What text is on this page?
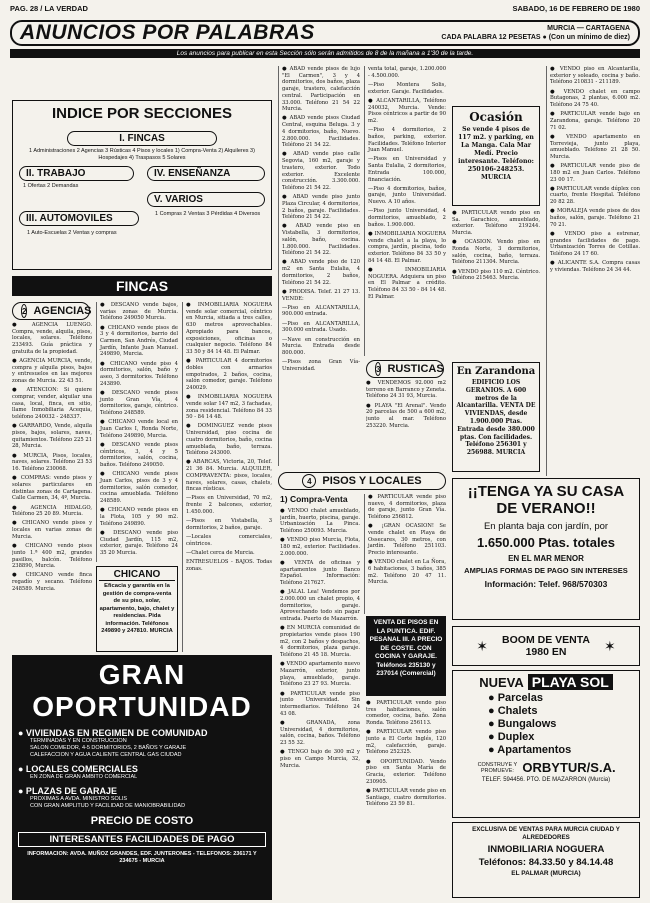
PAG. 28 / LA VERDAD	SABADO, 16 DE FEBRERO DE 1980
ANUNCIOS POR PALABRAS	MURCIA — CARTAGENA
CADA PALABRA 12 PESETAS ● (Con un mínimo de diez)
Los anuncios para publicar en esta Sección sólo serán admitidos de 8 de la mañana a 1'30 de la tarde.
INDICE POR SECCIONES
I. FINCAS
1 Administraciones 2 Agencias 3 Rústicas 4 Pisos y locales 1) Compra-Venta 2) Alquileres 3) Hospedajes 4) Traspasos 5 Solares
II. TRABAJO	IV. ENSEÑANZA
1 Ofertas 2 Demandas
V. VARIOS
III. AUTOMOVILES	1 Compras 2 Ventas 3 Pérdidas 4 Diversos
1 Auto-Escuelas 2 Ventas y compras
FINCAS
2 AGENCIAS

● AGENCIA LUENGO. Compra, vende, alquila, pisos, locales, solares. Teléfono 233493. Guía práctica y gratuita de la propiedad.

● AGENCIA MURCIA, vende, compra y alquila pisos, bajos y entresuelos en las mejores zonas de Murcia. 22 43 51.

● ATENCION: Si quiere comprar, vender, alquilar una casa, local, finca, en sitio, llame Inmobiliaria Acequia, teléfono 240032 - 248337.

● GARRARDO, Vende, alquila pisos, bajos, solares, naves, quitamientos. Teléfono 225 21 28, Murcia.

● MURCIA, Pisos, locales, naves, solares. Teléfono 23 53 16. Teléfono 230068.

● COMPRAS: vendo pisos y solares particulares en distintas zonas de Cartagena. Calle Carmen, 34, 4º, Murcia.

● AGENCIA HIDALGO, Teléfono 25 20 89. Murcia.

● CHICANO vende pisos y locales en varias zonas de Murcia.

● CHICANO vendo pisos junto 1.ª 400 m2, grandes pasillos, balcón. Teléfono 238890, Murcia.

● CHICANO vende finca regadío y secano. Teléfono 248589. Murcia.

● DESCANO vende bajos, varias zonas de Murcia. Teléfono 249050 Murcia.

● CHICANO vende pisos de 3 y 4 dormitorios, barrio del Carmen, San Andrés, Ciudad Jardín, Infante Juan Manuel. 249890, Murcia.

● CHICANO vende piso 4 dormitorios, salón, baño y aseo, 3 dormitorios. Teléfono 243890.

● DESCANO vende pisos junto Gran Vía, 4 dormitorios, garaje, céntrico. Teléfono 248589.

● CHICANO vende local en Juan Carlos I, Ronda Norte, Teléfono 249890, Murcia.

● DESCANO vende pisos céntricos, 3, 4 y 5 dormitorios, salón, cocina, baños. Teléfono 249050.

● CHICANO vende pisos Juan Carlos, pisos de 3 y 4 dormitorios, salón comedor, cocina amueblada. Teléfono 248589.

● CHICANO vende pisos en la Flota, 105 y 90 m2. Teléfono 249890.

● DESCANO vende piso Ciudad Jardín, 115 m2, exterior, garaje. Teléfono 24 35 20 Murcia.

CHICANO
Eficacia y garantía en la gestión de compra-venta de su piso, solar, apartamento, bajo, chalet y residencias. Pida información. Teléfonos 249890 y 247810. MURCIA

● INMOBILIARIA NOGUERA vende solar comercial, céntrico en Murcia, sitiada a tres calles, 630 metros aprovechables. Apropiado para bancos, exposiciones, oficinas o cualquier negocio. Teléfono 84 33 50 y 84 14 48. El Palmar.

● PARTICULAR 4 dormitorios dobles con armarios empotrados, 2 baños, cocina, salón comedor, garaje. Teléfono 240029.

● INMOBILIARIA NOGUERA vende solar 147 m2, 3 fachadas, zona residencial. Teléfono 84 33 50 - 84 14 48.

● DOMINGUEZ vende pisos Universidad, piso cocina de cuatro dormitorios, baño, cocina amueblada, baño, terraza. Teléfono 243000.

● ABARCAS, Victoria, 20, Telef. 21 36 84. Murcia. ALQUILER, COMPRAVENTA: pisos, locales, naves, solares, casas, chalets, fincas rústicas.

—Pisos en Universidad, 70 m2, frente 2 balcones, exterior, 1.450.000.

—Pisos en Vistabella, 3 dormitorios, 2 baños, garaje.

—Locales comerciales, céntricos.

—Chalet cerca de Murcia.

ENTRESUELOS - BAJOS. Todas zonas.

GRAN OPORTUNIDAD
● VIVIENDAS EN REGIMEN DE COMUNIDAD
TERMINADAS Y EN CONSTRUCCION
SALON COMEDOR, 4-5 DORMITORIOS, 2 BAÑOS Y GARAJE
CALEFACCION Y AGUA CALIENTE CENTRAL GAS CIUDAD
● LOCALES COMERCIALES
EN ZONA DE GRAN AMBITO COMERCIAL
● PLAZAS DE GARAJE
PROXIMAS A AVDA. MINISTRO SOLIS
CON GRAN AMPLITUD Y FACILIDAD DE MANIOBRABILIDAD
PRECIO DE COSTO
INTERESANTES FACILIDADES DE PAGO
INFORMACION: AVDA. MUÑOZ GRANDES, EDF. JUNTERONES - TELEFONOS: 236171 Y 234675 - MURCIA

● ABAD vende pisos de lujo "El Carmen", 3 y 4 dormitorios, dos baños, plaza garaje, trastero, calefacción central. Participación en 33.000. Teléfono 21 54 22 Murcia.

● ABAD vende pisos Ciudad Central, esquina Beluga. 3 y 4 dormitorios, baño, Nuevo. 2.800.000. Facilidades. Teléfono 21 54 22.

● ABAD vende piso calle Segovia, 160 m2, garaje y trastero, exterior. Todo exterior. Excelente construcción. 3.300.000. Teléfono 21 54 22.

● ABAD vende piso junto Plaza Circular, 4 dormitorios, 2 baños, garaje. Facilidades. Teléfono 21 54 22.

● ABAD vende piso en Vistabella, 3 dormitorios, salón, baño, cocina. 1.800.000. Facilidades. Teléfono 21 54 22.

● ABAD vende piso de 120 m2 en Santa Eulalia, 4 dormitorios, 2 baños, Teléfono 21 54 22.

● PRODISA. Telef. 21 27 13. VENDE:

—Piso en ALCANTARILLA, 900.000 entrada.

—Piso en ALCANTARILLA, 300.000 entrada. Usado.

—Nave en construcción en Murcia. Entrada desde 800.000.

—Pisos zona Gran Vía-Universidad.

venta total, garaje, 1.200.000 - 4.500.000.

—Piso Montera Solis, exterior. Garaje. Facilidades.

● ALCANTARILLA, Teléfono 240032, Murcia. Vende: Pisos céntricos a partir de 90 m2.

—Piso 4 dormitorios, 2 baños, parking, exterior. Facilidades. Teléfono Interior Juan Manuel.

—Pisos en Universidad y Santa Eulalia, 2 dormitorios, Entrada 100.000, financiación.

—Piso 4 dormitorios, baños, garaje, junto Universidad. Nuevo. A 10 años.

—Piso junto Universidad, 4 dormitorios, amueblado, 2 baños. 1.900.000.

● INMOBILIARIA NOGUERA vende chalet a la playa, lo compra, jardín, piscina, todo exterior. Teléfono 84 33 50 y 84 14 48. El Palmar.

● INMOBILIARIA NOGUERA. Adquiera un piso en El Palmar a crédito. Teléfono 84 33 50 - 84 14 48. El Palmar.

3 RUSTICAS

● VENDEMOS 92.000 m2 terreno en Barranco y Zeneta. Teléfono 24 31 93, Murcia.

● PLAYA "El Arenal". Vendo 20 parcelas de 500 a 600 m2, junto al mar. Teléfono 253220. Murcia.

4 PISOS Y LOCALES
1) Compra-Venta

● VENDO chalet amueblado, jardín, huerto, piscina, garaje. Urbanización La Pinca. Teléfono 250093. Murcia.

● VENDO piso Murcia, Flota, 180 m2, exterior. Facilidades. 2.000.000.

● VENTA de oficinas y apartamentos junto Banco Español. Información: Teléfono 217627.

● JALAL Lea! Vendemos por 2.000.000 un chalet propio, 4 dormitorios, garaje. Aprovechando todo sin pagar entrada. Puerto de Mazarrón.

● EN MURCIA comunidad de propietarios vende pisos 190 m2, con 2 baños y despachos, 4 dormitorios, plaza garaje. Teléfono 21 45 18. Murcia.

● VENDO apartamento nuevo Mazarrón, exterior, junto playa, amueblado, garaje. Teléfono 23 27 93. Murcia.

● PARTICULAR vende piso junto Universidad. Sin intermediarios. Teléfono 24 43 08.

● GRANADA, zona Universidad, 4 dormitorios, salón, cocina, baños. Teléfono 23 55 32.

● TENGO bajo de 300 m2 y piso en Campo Murcia, 32, Murcia.

● PARTICULAR vende piso nuevo, 4 dormitorios, plaza de garaje, junto Gran Vía. Teléfono 256812.

● ¡GRAN OCASION! Se vende chalet en Playa de Ossecares, 30 metros, con jardín. Teléfono 251103. Precio interesante.

● VENDO chalet en La Ñora, 6 habitaciones, 3 baños, 385 m2. Teléfono 20 47 11. Murcia.

VENTA DE PISOS EN LA PUNTICA. EDIF. PESANAL III. A PRECIO DE COSTE. CON COCINA Y GARAJE. Teléfonos 235130 y 237014 (Comercial)

● PARTICULAR vendo piso tres habitaciones, salón comedor, cocina, baño. Zona Ronda. Teléfono 256113.

● PARTICULAR vendo piso junto a El Corte Inglés, 120 m2, calefacción, garaje. Teléfono 252325.

● OPORTUNIDAD. Vendo piso en Santa María de Gracia, exterior. Teléfono 230905.

● PARTICULAR vende piso en Santiago, cuatro dormitorios. Teléfono 23 59 81.

Ocasión
Se vende 4 pisos de 117 m2. y parking, en La Manga. Cala Mar Medí. Precio interesante. Teléfono: 250106-248253. MURCIA

● PARTICULAR vendo piso en Sa. Garachico, amueblado, exterior. Teléfono 219244. Murcia.

● OCASION. Vendo piso en Ronda Norte, 3 dormitorios, salón, cocina, baño, terraza. Teléfono 211304. Murcia.

● VENDO piso 110 m2. Céntrico. Teléfono 215463. Murcia.

En Zarandona
EDIFICIO LOS GERANIOS. A 600 metros de la Alcantarilla. VENTA DE VIVIENDAS, desde 1.900.000 Ptas. Entrada desde 380.000 ptas. Con facilidades. Teléfono 256301 y 256988. MURCIA

● VENDO piso en Alcantarilla, exterior y soleado, cocina y baño. Teléfono 210831 - 211189.

● VENDO chalet en campo Butagonas, 2 plantas, 6.000 m2. Teléfono 24 75 40.

● PARTICULAR vende bajo en Zarandona, garaje. Teléfono 20 71 02.

● VENDO apartamento en Torrevieja, junto playa, amueblado. Teléfono 21 28 50. Murcia.

● PARTICULAR vende piso de 180 m2 en Juan Carlos. Teléfono 23 00 17.

● PARTICULAR vende dúplex con cuarto, frente Hospital. Teléfono 20 82 28.

● MORALEJA vende pisos de dos baños, salón, garaje. Teléfono 21 70 21.

● VENDO piso a estrenar, grandes facilidades de pago. Urbanización Torres de Cotillas. Teléfono 24 17 60.

● ALICANTE S.A. Compra casas y viviendas. Teléfono 24 34 44.

¡¡TENGA YA SU CASA DE VERANO!!
En planta baja con jardín, por
1.650.000 Ptas. totales
EN EL MAR MENOR
AMPLIAS FORMAS DE PAGO SIN INTERESES
Información: Telef. 968/570303
✶	BOOM DE VENTA 1980 EN	✶
NUEVA PLAYA SOL
● Parcelas
● Chalets
● Bungalows
● Duplex
● Apartamentos
CONSTRUYE Y PROMUEVE: ORBYTUR/S.A.
TELEF. 594456. PTO. DE MAZARRON (Murcia)
EXCLUSIVA DE VENTAS PARA MURCIA CIUDAD Y ALREDEDORES
INMOBILIARIA NOGUERA
Teléfonos: 84.33.50 y 84.14.48
EL PALMAR (MURCIA)
